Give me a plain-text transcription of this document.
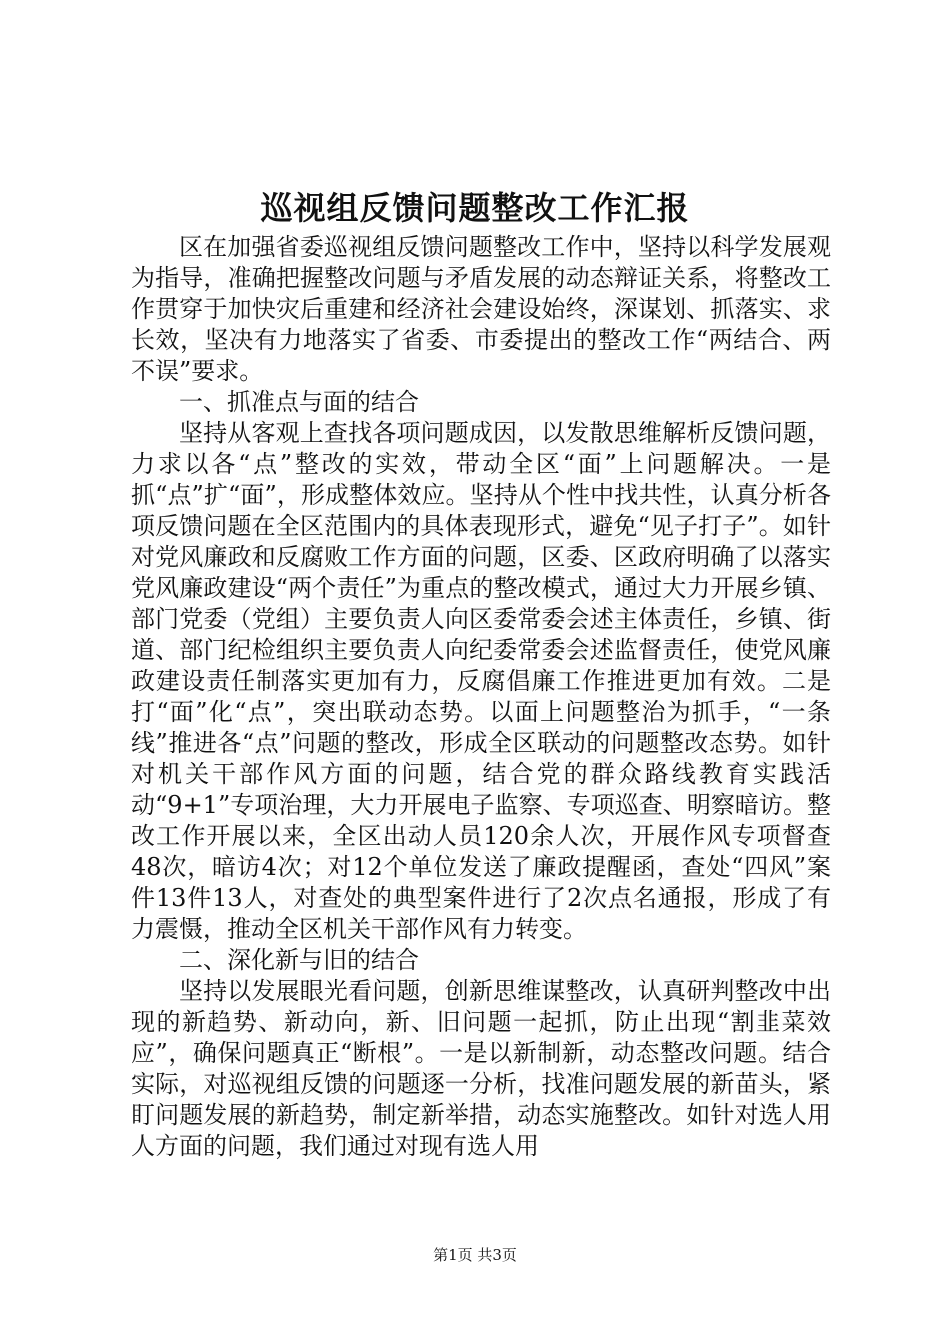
巡视组反馈问题整改工作汇报

区在加强省委巡视组反馈问题整改工作中，坚持以科学发展观为指导，准确把握整改问题与矛盾发展的动态辩证关系，将整改工作贯穿于加快灾后重建和经济社会建设始终，深谋划、抓落实、求长效，坚决有力地落实了省委、市委提出的整改工作“两结合、两不误”要求。

一、抓准点与面的结合

坚持从客观上查找各项问题成因，以发散思维解析反馈问题，力求以各“点”整改的实效，带动全区“面”上问题解决。一是抓“点”扩“面”，形成整体效应。坚持从个性中找共性，认真分析各项反馈问题在全区范围内的具体表现形式，避免“见子打子”。如针对党风廉政和反腐败工作方面的问题，区委、区政府明确了以落实党风廉政建设“两个责任”为重点的整改模式，通过大力开展乡镇、部门党委（党组）主要负责人向区委常委会述主体责任，乡镇、街道、部门纪检组织主要负责人向纪委常委会述监督责任，使党风廉政建设责任制落实更加有力，反腐倡廉工作推进更加有效。二是打“面”化“点”，突出联动态势。以面上问题整治为抓手，“一条线”推进各“点”问题的整改，形成全区联动的问题整改态势。如针对机关干部作风方面的问题，结合党的群众路线教育实践活动“9+1”专项治理，大力开展电子监察、专项巡查、明察暗访。整改工作开展以来，全区出动人员120余人次，开展作风专项督查48次，暗访4次；对12个单位发送了廉政提醒函，查处“四风”案件13件13人，对查处的典型案件进行了2次点名通报，形成了有力震慑，推动全区机关干部作风有力转变。

二、深化新与旧的结合

坚持以发展眼光看问题，创新思维谋整改，认真研判整改中出现的新趋势、新动向，新、旧问题一起抓，防止出现“割韭菜效应”，确保问题真正“断根”。一是以新制新，动态整改问题。结合实际，对巡视组反馈的问题逐一分析，找准问题发展的新苗头，紧盯问题发展的新趋势，制定新举措，动态实施整改。如针对选人用人方面的问题，我们通过对现有选人用

第1页 共3页
